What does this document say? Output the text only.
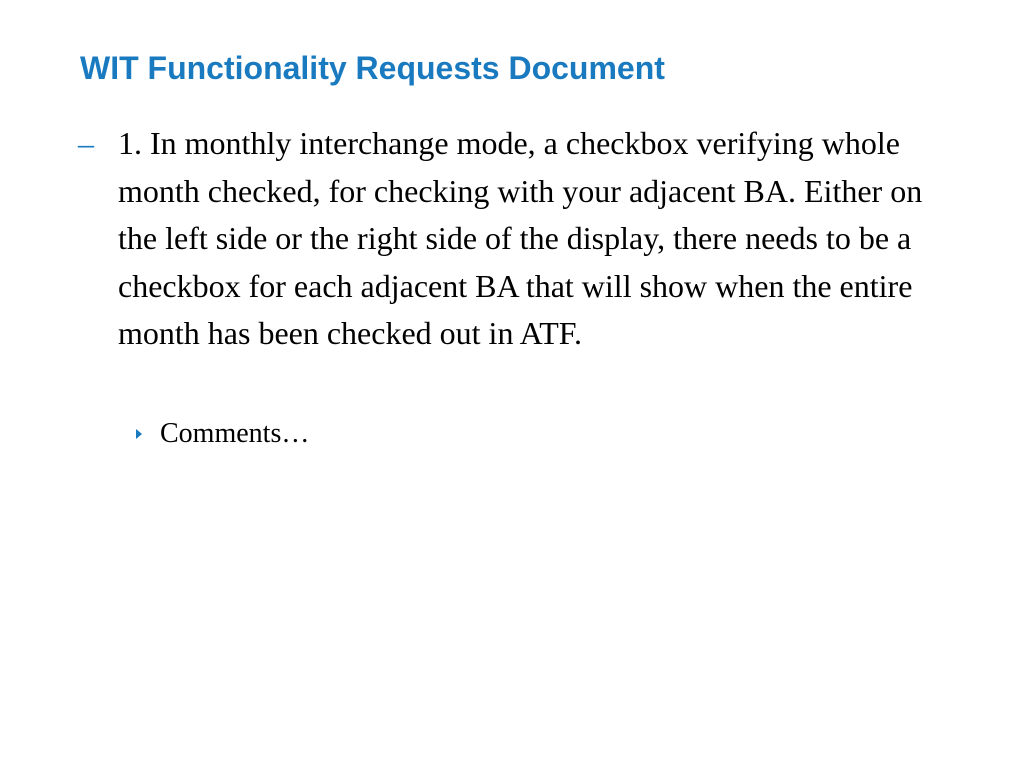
WIT Functionality Requests Document
– 1. In monthly interchange mode, a checkbox verifying whole month checked, for checking with your adjacent BA. Either on the left side or the right side of the display, there needs to be a checkbox for each adjacent BA that will show when the entire month has been checked out in ATF.

Comments…
